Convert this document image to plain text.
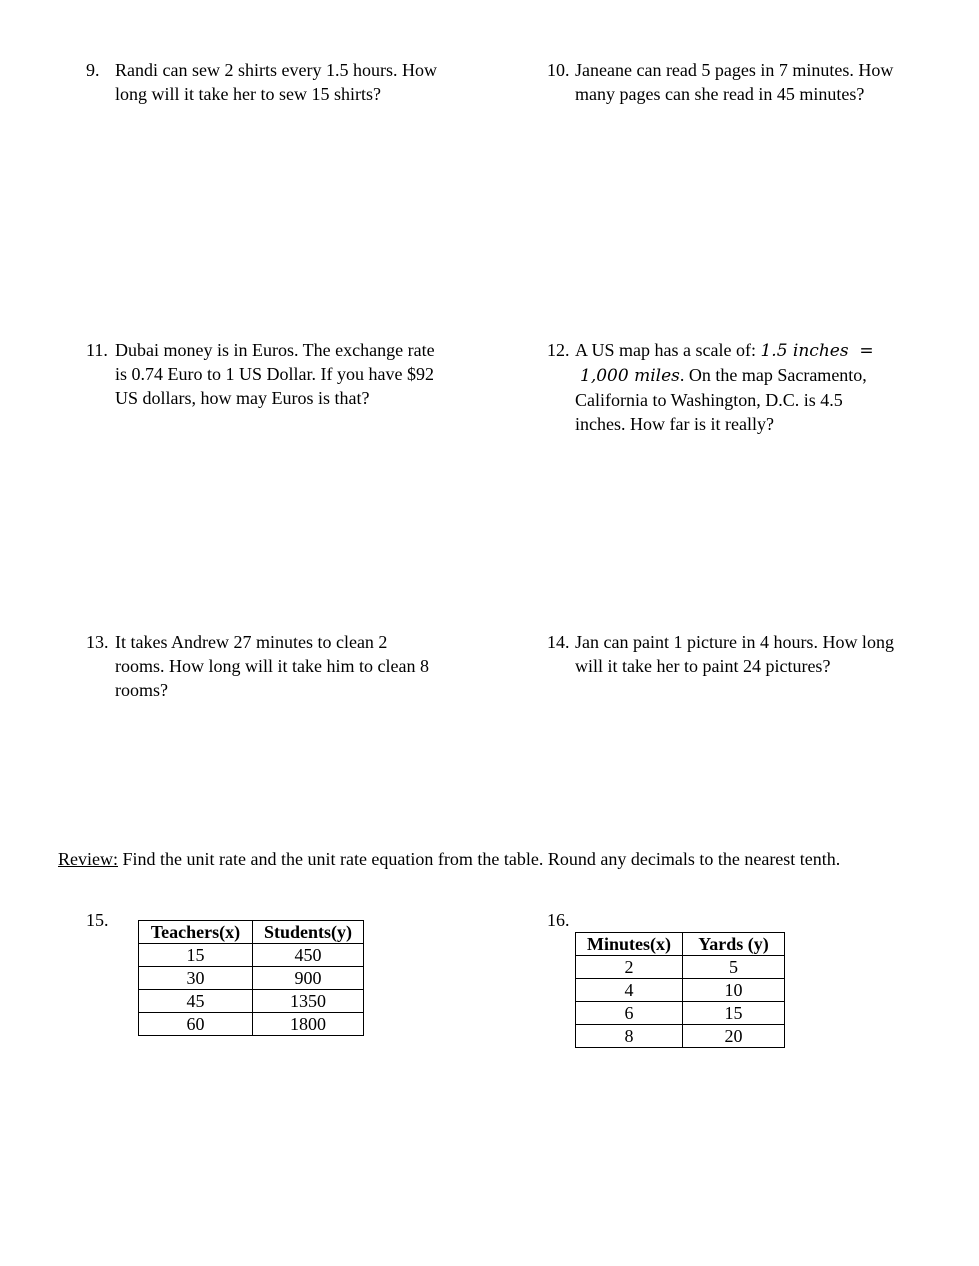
9. Randi can sew 2 shirts every 1.5 hours. How
long will it take her to sew 15 shirts?
10. Janeane can read 5 pages in 7 minutes. How
many pages can she read in 45 minutes?
11. Dubai money is in Euros. The exchange rate
is 0.74 Euro to 1 US Dollar. If you have $92
US dollars, how may Euros is that?
12. A US map has a scale of: 1.5 inches  =
1,000 miles. On the map Sacramento,
California to Washington, D.C. is 4.5
inches. How far is it really?
13. It takes Andrew 27 minutes to clean 2
rooms. How long will it take him to clean 8
rooms?
14. Jan can paint 1 picture in 4 hours. How long
will it take her to paint 24 pictures?
Review: Find the unit rate and the unit rate equation from the table. Round any decimals to the nearest tenth.
15.
Teachers(x)	Students(y)
15	450
30	900
45	1350
60	1800
16.
Minutes(x)	Yards (y)
2	5
4	10
6	15
8	20
